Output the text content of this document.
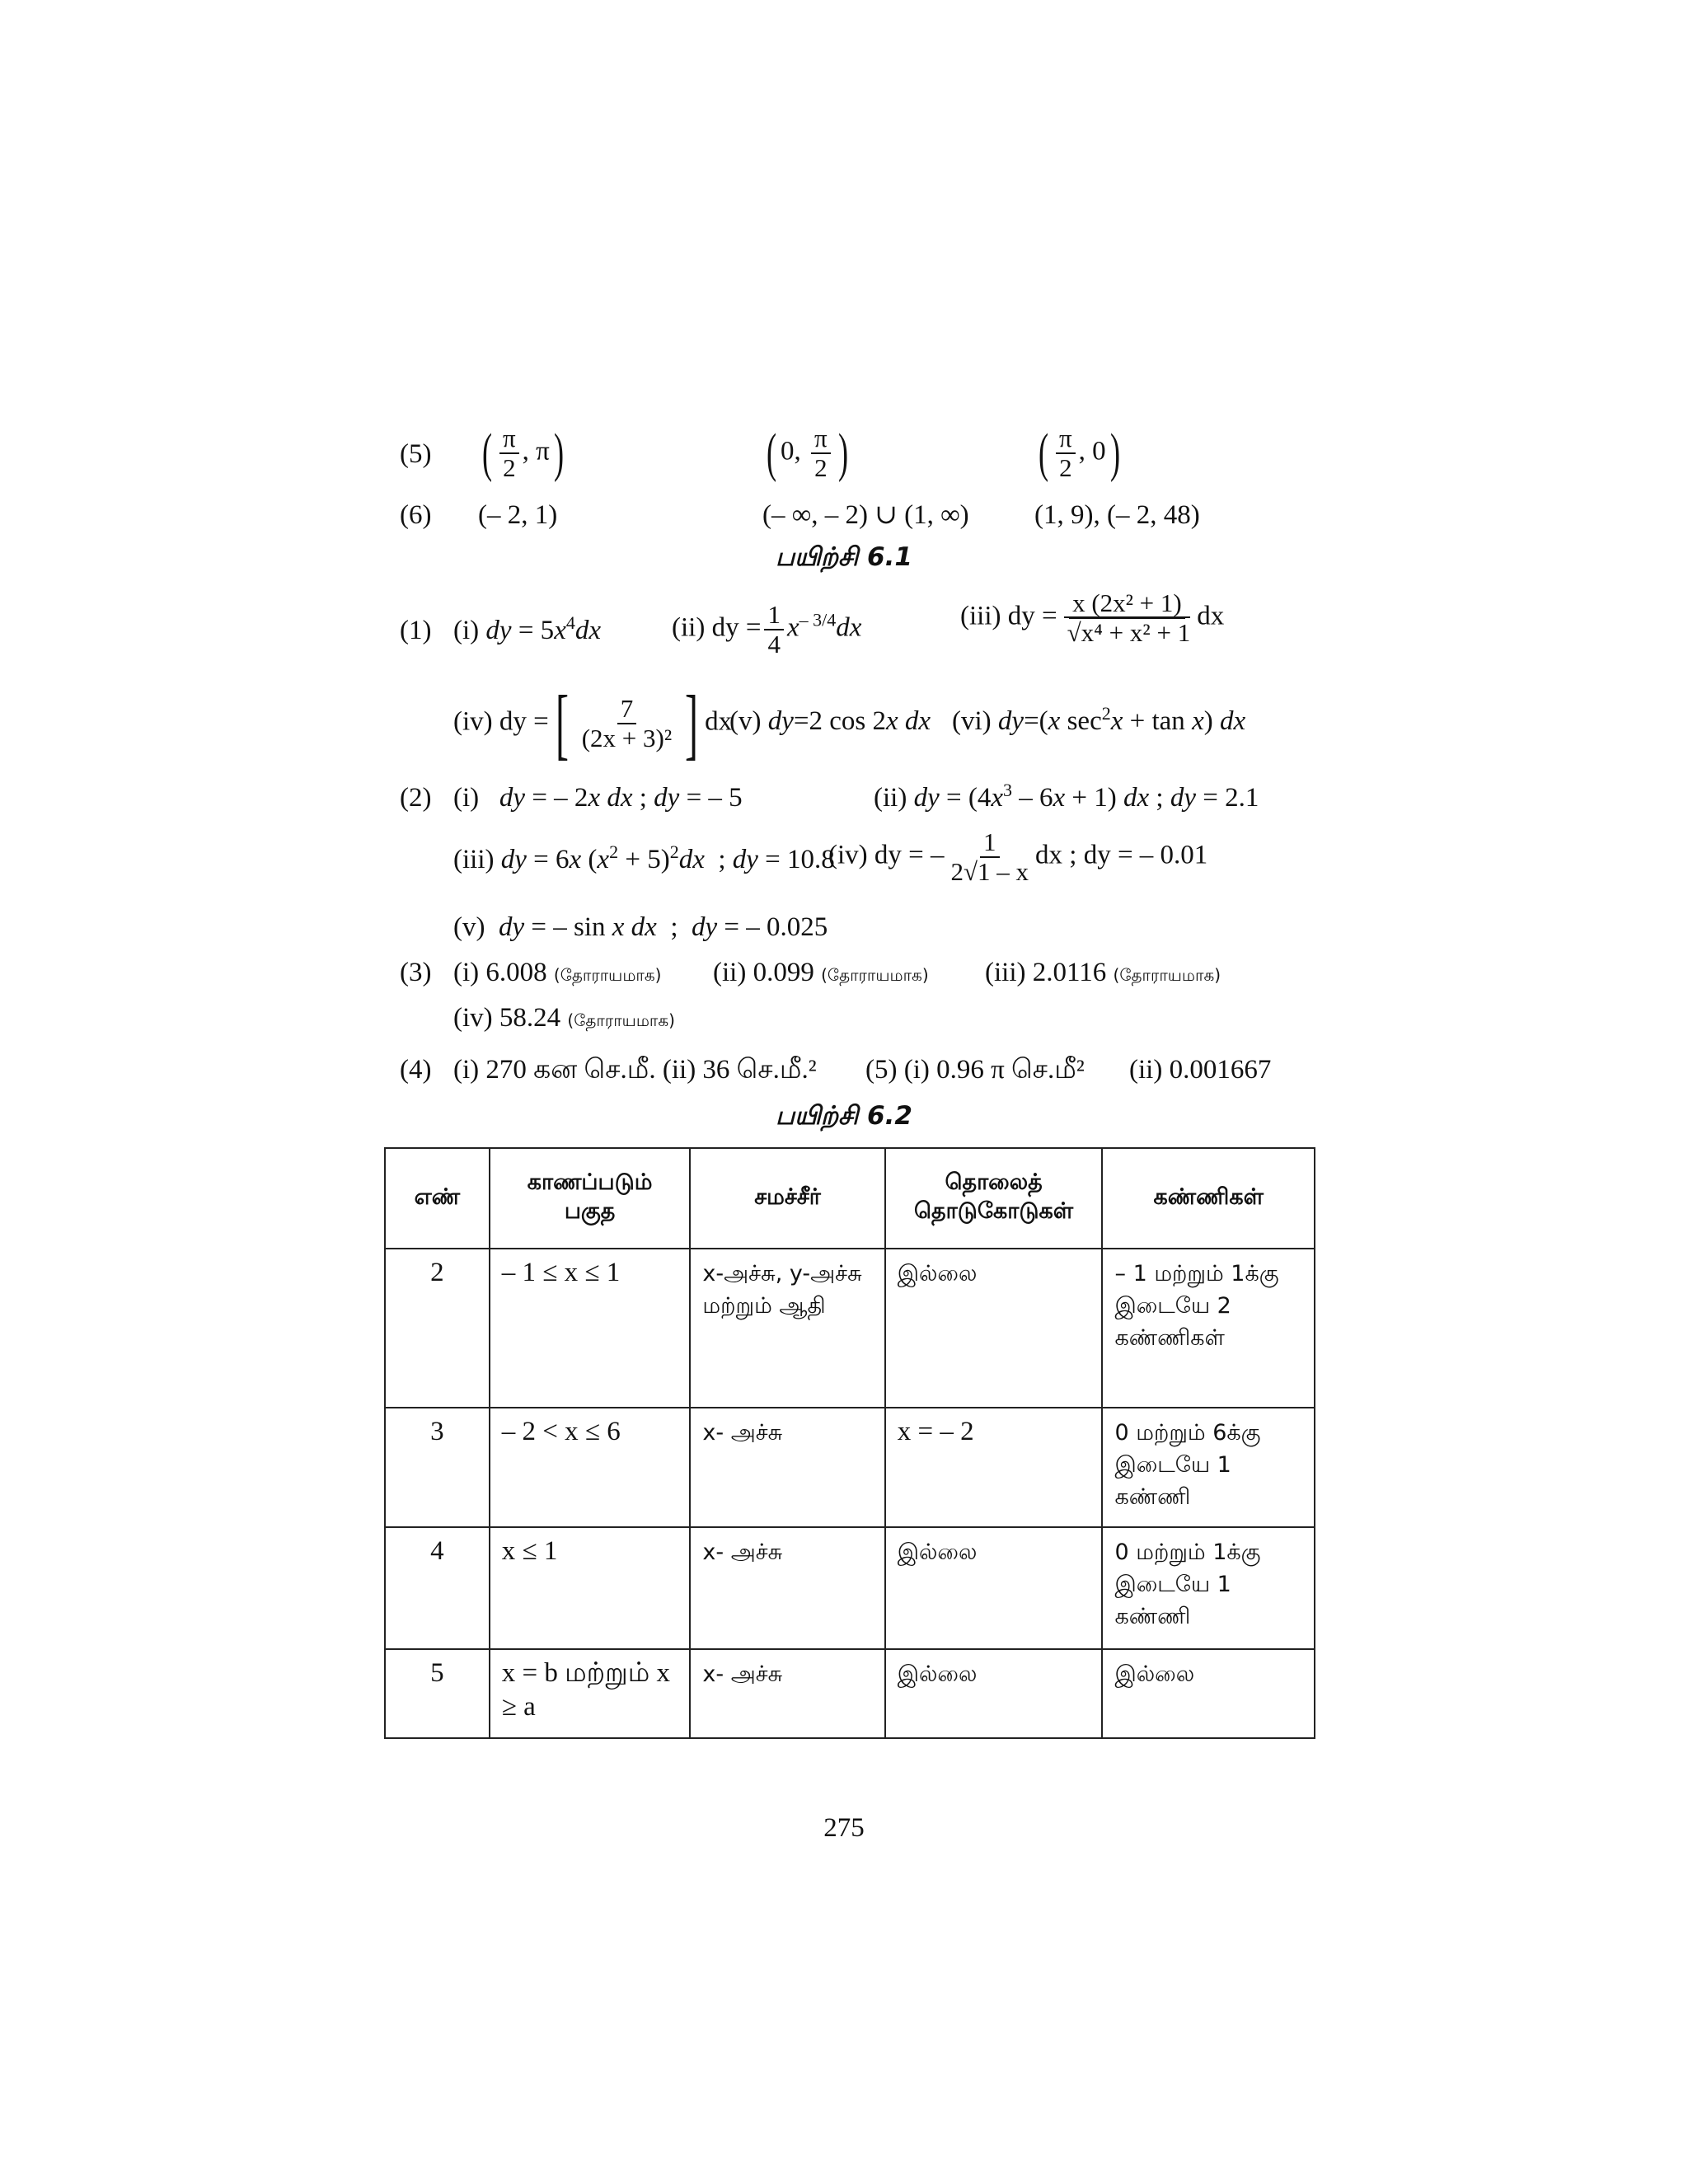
(5) ( $\frac{\pi}{2}$ , π)	( 0, $\frac{\pi}{2}$ )	( $\frac{\pi}{2}$ , 0)
(6) (– 2, 1)	(– ∞, – 2) ∪ (1, ∞) (1, 9), (– 2, 48)
பயிற்சி 6.1
(1) (i) dy = $5x^4dx$	(ii) dy = $\frac{1}{4} x^{- 3/4}dx$	(iii) dy = $\frac{\text{x (2x² + 1)}}{\text{√x⁴ + x² + 1}}$ dx
(iv) dy =[ $\frac{7}{\text{(2x + 3)²}}$ ] dx
(v) dy=2 cos 2x dx (vi) dy=(x $\sec^2x + \tan x$) dx
(2) (i)   dy = – 2x dx ; dy = – 5	(ii) dy = $(4x^3 - 6x + 1)$ dx ; dy = 2.1
(iii) dy = 6x $(x^2 + 5)^2dx$  ; dy = 10.8
(iv) dy = – $\frac{1}{2√1 - x}$ dx ; dy = – 0.01
(v)  dy = – sin x dx  ;  dy = – 0.025
(3) (i) 6.008 (தோராயமாக) (ii) 0.099 (தோராயமாக) (iii) 2.0116 (தோராயமாக)
(iv) 58.24 (தோராயமாக)
(4) (i) 270 கன செ.மீ. (ii) 36 செ.மீ.² (5) (i) 0.96 π செ.மீ² (ii) 0.001667
பயிற்சி 6.2
எண்	காணப்படும் பகுத	சமச்சீர்	தொலைத் தொடுகோடுகள்	கண்ணிகள்
2	– 1 ≤ x ≤ 1	x-அச்சு, y-அச்சு மற்றும் ஆதி	இல்லை	– 1 மற்றும் 1க்கு இடையே 2 கண்ணிகள்
3	– 2 < x ≤ 6	x- அச்சு	x = – 2	0 மற்றும் 6க்கு இடையே 1 கண்ணி
4	x ≤ 1	x- அச்சு	இல்லை	0 மற்றும் 1க்கு இடையே 1 கண்ணி
5	x = b மற்றும் x ≥ a	x- அச்சு	இல்லை	இல்லை
275
